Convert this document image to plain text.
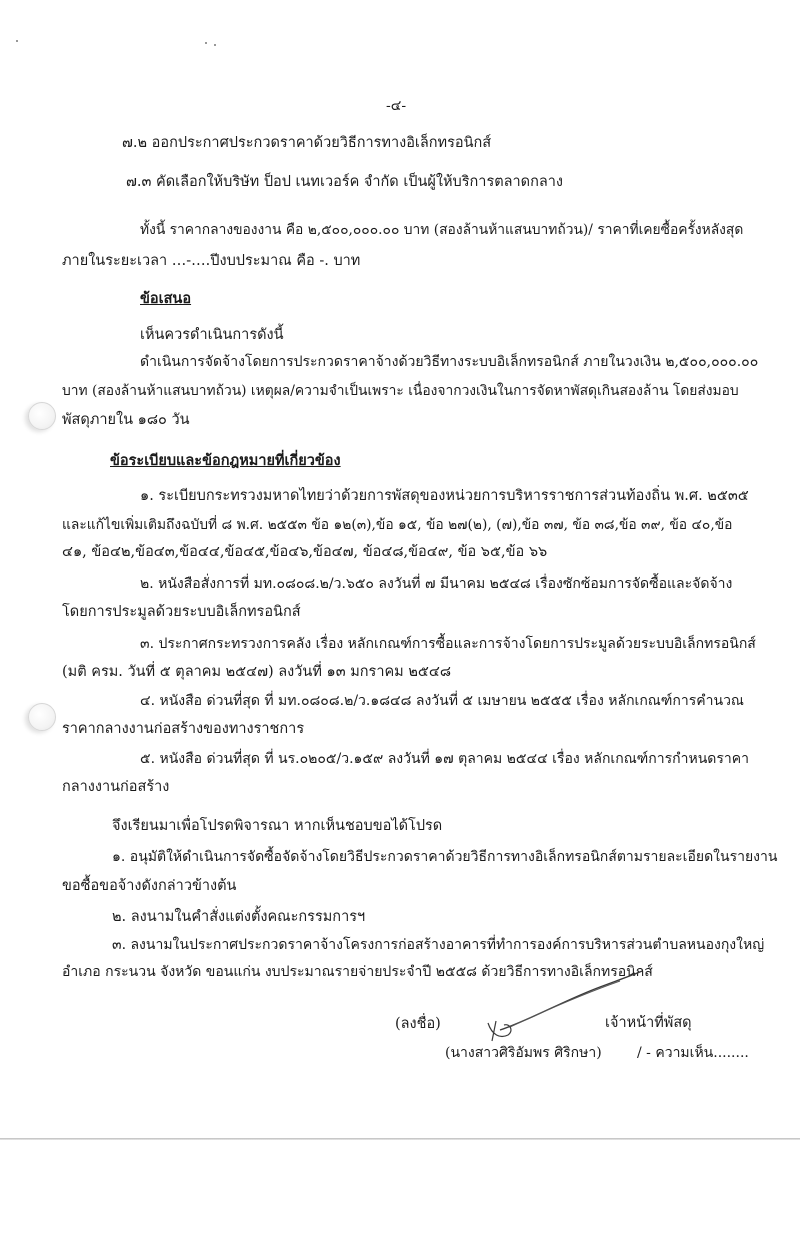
-๔-
๗.๒ ออกประกาศประกวดราคาด้วยวิธีการทางอิเล็กทรอนิกส์
๗.๓ คัดเลือกให้บริษัท ป็อป เนทเวอร์ค จำกัด เป็นผู้ให้บริการตลาดกลาง
ทั้งนี้ ราคากลางของงาน คือ ๒,๕๐๐,๐๐๐.๐๐ บาท (สองล้านห้าแสนบาทถ้วน)/ ราคาที่เคยซื้อครั้งหลังสุด
ภายในระยะเวลา …-….ปีงบประมาณ คือ -. บาท
ข้อเสนอ
เห็นควรดำเนินการดังนี้
ดำเนินการจัดจ้างโดยการประกวดราคาจ้างด้วยวิธีทางระบบอิเล็กทรอนิกส์ ภายในวงเงิน ๒,๕๐๐,๐๐๐.๐๐
บาท (สองล้านห้าแสนบาทถ้วน) เหตุผล/ความจำเป็นเพราะ เนื่องจากวงเงินในการจัดหาพัสดุเกินสองล้าน โดยส่งมอบ
พัสดุภายใน ๑๘๐ วัน
ข้อระเบียบและข้อกฎหมายที่เกี่ยวข้อง
๑. ระเบียบกระทรวงมหาดไทยว่าด้วยการพัสดุของหน่วยการบริหารราชการส่วนท้องถิ่น พ.ศ. ๒๕๓๕
และแก้ไขเพิ่มเติมถึงฉบับที่ ๘ พ.ศ. ๒๕๕๓ ข้อ ๑๒(๓),ข้อ ๑๕, ข้อ ๒๗(๒), (๗),ข้อ ๓๗, ข้อ ๓๘,ข้อ ๓๙, ข้อ ๔๐,ข้อ
๔๑, ข้อ๔๒,ข้อ๔๓,ข้อ๔๔,ข้อ๔๕,ข้อ๔๖,ข้อ๔๗, ข้อ๔๘,ข้อ๔๙, ข้อ ๖๕,ข้อ ๖๖
๒. หนังสือสั่งการที่ มท.๐๘๐๘.๒/ว.๖๕๐ ลงวันที่ ๗ มีนาคม ๒๕๔๘ เรื่องซักซ้อมการจัดซื้อและจัดจ้าง
โดยการประมูลด้วยระบบอิเล็กทรอนิกส์
๓. ประกาศกระทรวงการคลัง เรื่อง หลักเกณฑ์การซื้อและการจ้างโดยการประมูลด้วยระบบอิเล็กทรอนิกส์
(มติ ครม. วันที่ ๕ ตุลาคม ๒๕๔๗) ลงวันที่ ๑๓ มกราคม ๒๕๔๘
๔. หนังสือ ด่วนที่สุด ที่ มท.๐๘๐๘.๒/ว.๑๘๔๘ ลงวันที่ ๕ เมษายน ๒๕๕๕ เรื่อง หลักเกณฑ์การคำนวณ
ราคากลางงานก่อสร้างของทางราชการ
๕. หนังสือ ด่วนที่สุด ที่ นร.๐๒๐๕/ว.๑๕๙ ลงวันที่ ๑๗ ตุลาคม ๒๕๔๔ เรื่อง หลักเกณฑ์การกำหนดราคา
กลางงานก่อสร้าง
จึงเรียนมาเพื่อโปรดพิจารณา หากเห็นชอบขอได้โปรด
๑. อนุมัติให้ดำเนินการจัดซื้อจัดจ้างโดยวิธีประกวดราคาด้วยวิธีการทางอิเล็กทรอนิกส์ตามรายละเอียดในรายงาน
ขอซื้อขอจ้างดังกล่าวข้างต้น
๒. ลงนามในคำสั่งแต่งตั้งคณะกรรมการฯ
๓. ลงนามในประกาศประกวดราคาจ้างโครงการก่อสร้างอาคารที่ทำการองค์การบริหารส่วนตำบลหนองกุงใหญ่
อำเภอ กระนวน จังหวัด ขอนแก่น งบประมาณรายจ่ายประจำปี ๒๕๕๘ ด้วยวิธีการทางอิเล็กทรอนิกส์
(ลงชื่อ)	เจ้าหน้าที่พัสดุ
(นางสาวศิริอัมพร ศิริกษา)	/ - ความเห็น........
